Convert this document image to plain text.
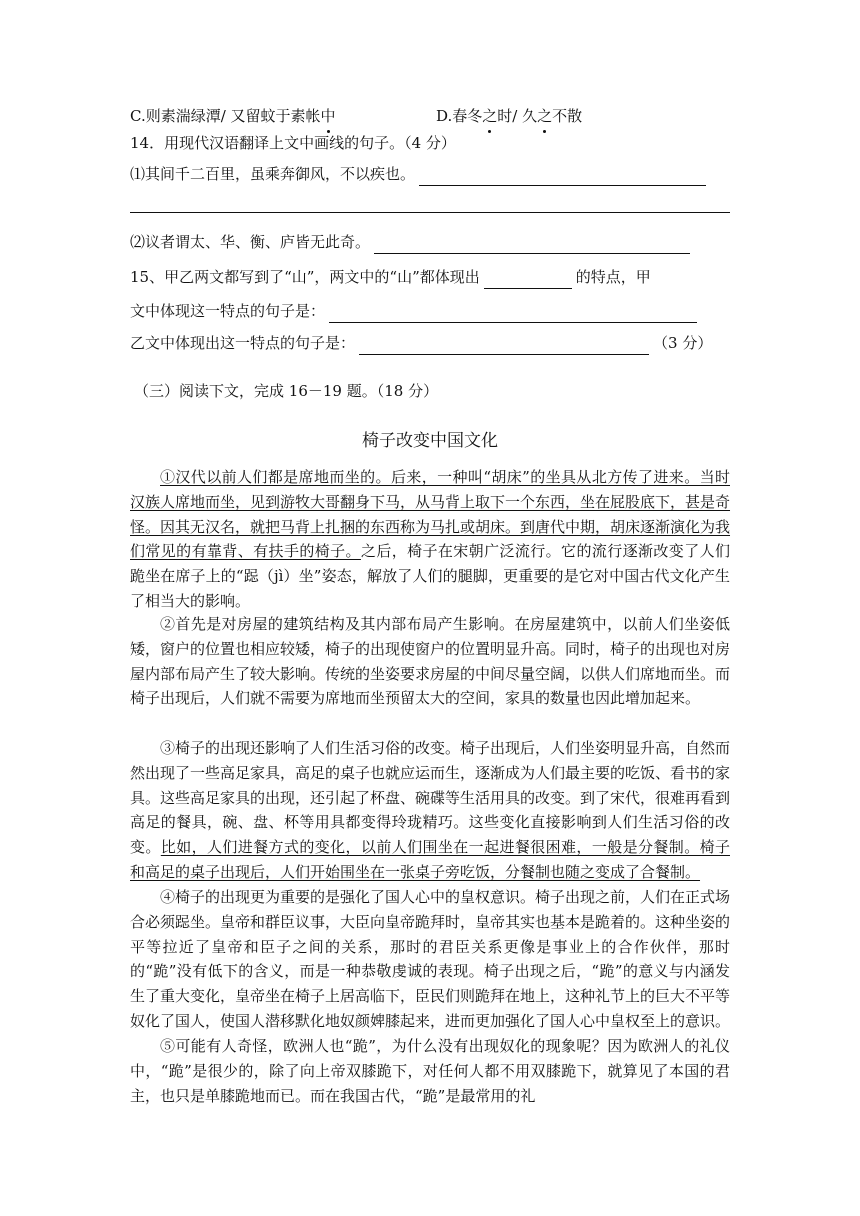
C.则素湍绿潭/ 又留蚊于素帐中	D.春冬之时/ 久之不散
14．用现代汉语翻译上文中画线的句子。（4 分）
⑴其间千二百里，虽乘奔御风，不以疾也。
⑵议者谓太、华、衡、庐皆无此奇。
15、甲乙两文都写到了“山”，两文中的“山”都体现出	的特点，甲
文中体现这一特点的句子是：
乙文中体现出这一特点的句子是：	（3 分）
（三）阅读下文，完成 16－19 题。（18 分）
椅子改变中国文化
①汉代以前人们都是席地而坐的。后来，一种叫“胡床”的坐具从北方传了进来。当时汉族人席地而坐，见到游牧大哥翻身下马，从马背上取下一个东西，坐在屁股底下，甚是奇怪。因其无汉名，就把马背上扎捆的东西称为马扎或胡床。到唐代中期，胡床逐渐演化为我们常见的有靠背、有扶手的椅子。之后，椅子在宋朝广泛流行。它的流行逐渐改变了人们跪坐在席子上的“跽（jì）坐”姿态，解放了人们的腿脚，更重要的是它对中国古代文化产生了相当大的影响。
②首先是对房屋的建筑结构及其内部布局产生影响。在房屋建筑中，以前人们坐姿低矮，窗户的位置也相应较矮，椅子的出现使窗户的位置明显升高。同时，椅子的出现也对房屋内部布局产生了较大影响。传统的坐姿要求房屋的中间尽量空阔，以供人们席地而坐。而椅子出现后，人们就不需要为席地而坐预留太大的空间，家具的数量也因此增加起来。
③椅子的出现还影响了人们生活习俗的改变。椅子出现后，人们坐姿明显升高，自然而然出现了一些高足家具，高足的桌子也就应运而生，逐渐成为人们最主要的吃饭、看书的家具。这些高足家具的出现，还引起了杯盘、碗碟等生活用具的改变。到了宋代，很难再看到高足的餐具，碗、盘、杯等用具都变得玲珑精巧。这些变化直接影响到人们生活习俗的改变。比如，人们进餐方式的变化，以前人们围坐在一起进餐很困难，一般是分餐制。椅子和高足的桌子出现后，人们开始围坐在一张桌子旁吃饭，分餐制也随之变成了合餐制。
④椅子的出现更为重要的是强化了国人心中的皇权意识。椅子出现之前，人们在正式场合必须跽坐。皇帝和群臣议事，大臣向皇帝跪拜时，皇帝其实也基本是跪着的。这种坐姿的平等拉近了皇帝和臣子之间的关系，那时的君臣关系更像是事业上的合作伙伴，那时的“跪”没有低下的含义，而是一种恭敬虔诚的表现。椅子出现之后，“跪”的意义与内涵发生了重大变化，皇帝坐在椅子上居高临下，臣民们则跪拜在地上，这种礼节上的巨大不平等奴化了国人，使国人潜移默化地奴颜婢膝起来，进而更加强化了国人心中皇权至上的意识。
⑤可能有人奇怪，欧洲人也“跪”，为什么没有出现奴化的现象呢？因为欧洲人的礼仪中，“跪”是很少的，除了向上帝双膝跪下，对任何人都不用双膝跪下，就算见了本国的君主，也只是单膝跪地而已。而在我国古代，“跪”是最常用的礼
